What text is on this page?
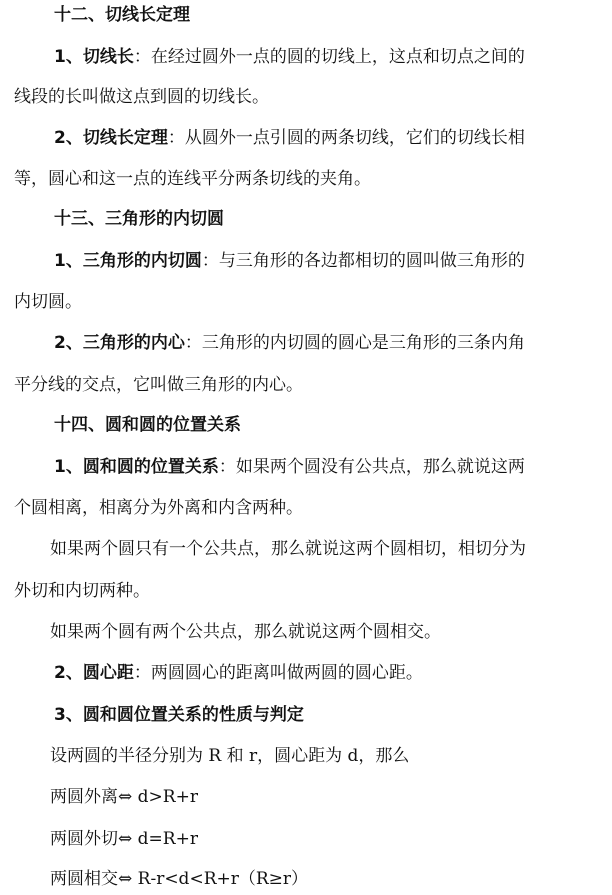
十二、切线长定理
1、切线长：在经过圆外一点的圆的切线上，这点和切点之间的
线段的长叫做这点到圆的切线长。
2、切线长定理：从圆外一点引圆的两条切线，它们的切线长相
等，圆心和这一点的连线平分两条切线的夹角。
十三、三角形的内切圆
1、三角形的内切圆：与三角形的各边都相切的圆叫做三角形的
内切圆。
2、三角形的内心：三角形的内切圆的圆心是三角形的三条内角
平分线的交点，它叫做三角形的内心。
十四、圆和圆的位置关系
1、圆和圆的位置关系：如果两个圆没有公共点，那么就说这两
个圆相离，相离分为外离和内含两种。
如果两个圆只有一个公共点，那么就说这两个圆相切，相切分为
外切和内切两种。
如果两个圆有两个公共点，那么就说这两个圆相交。
2、圆心距：两圆圆心的距离叫做两圆的圆心距。
3、圆和圆位置关系的性质与判定
设两圆的半径分别为 R 和 r，圆心距为 d，那么
两圆外离⇔ d>R+r
两圆外切⇔ d=R+r
两圆相交⇔ R-r<d<R+r（R≥r）
